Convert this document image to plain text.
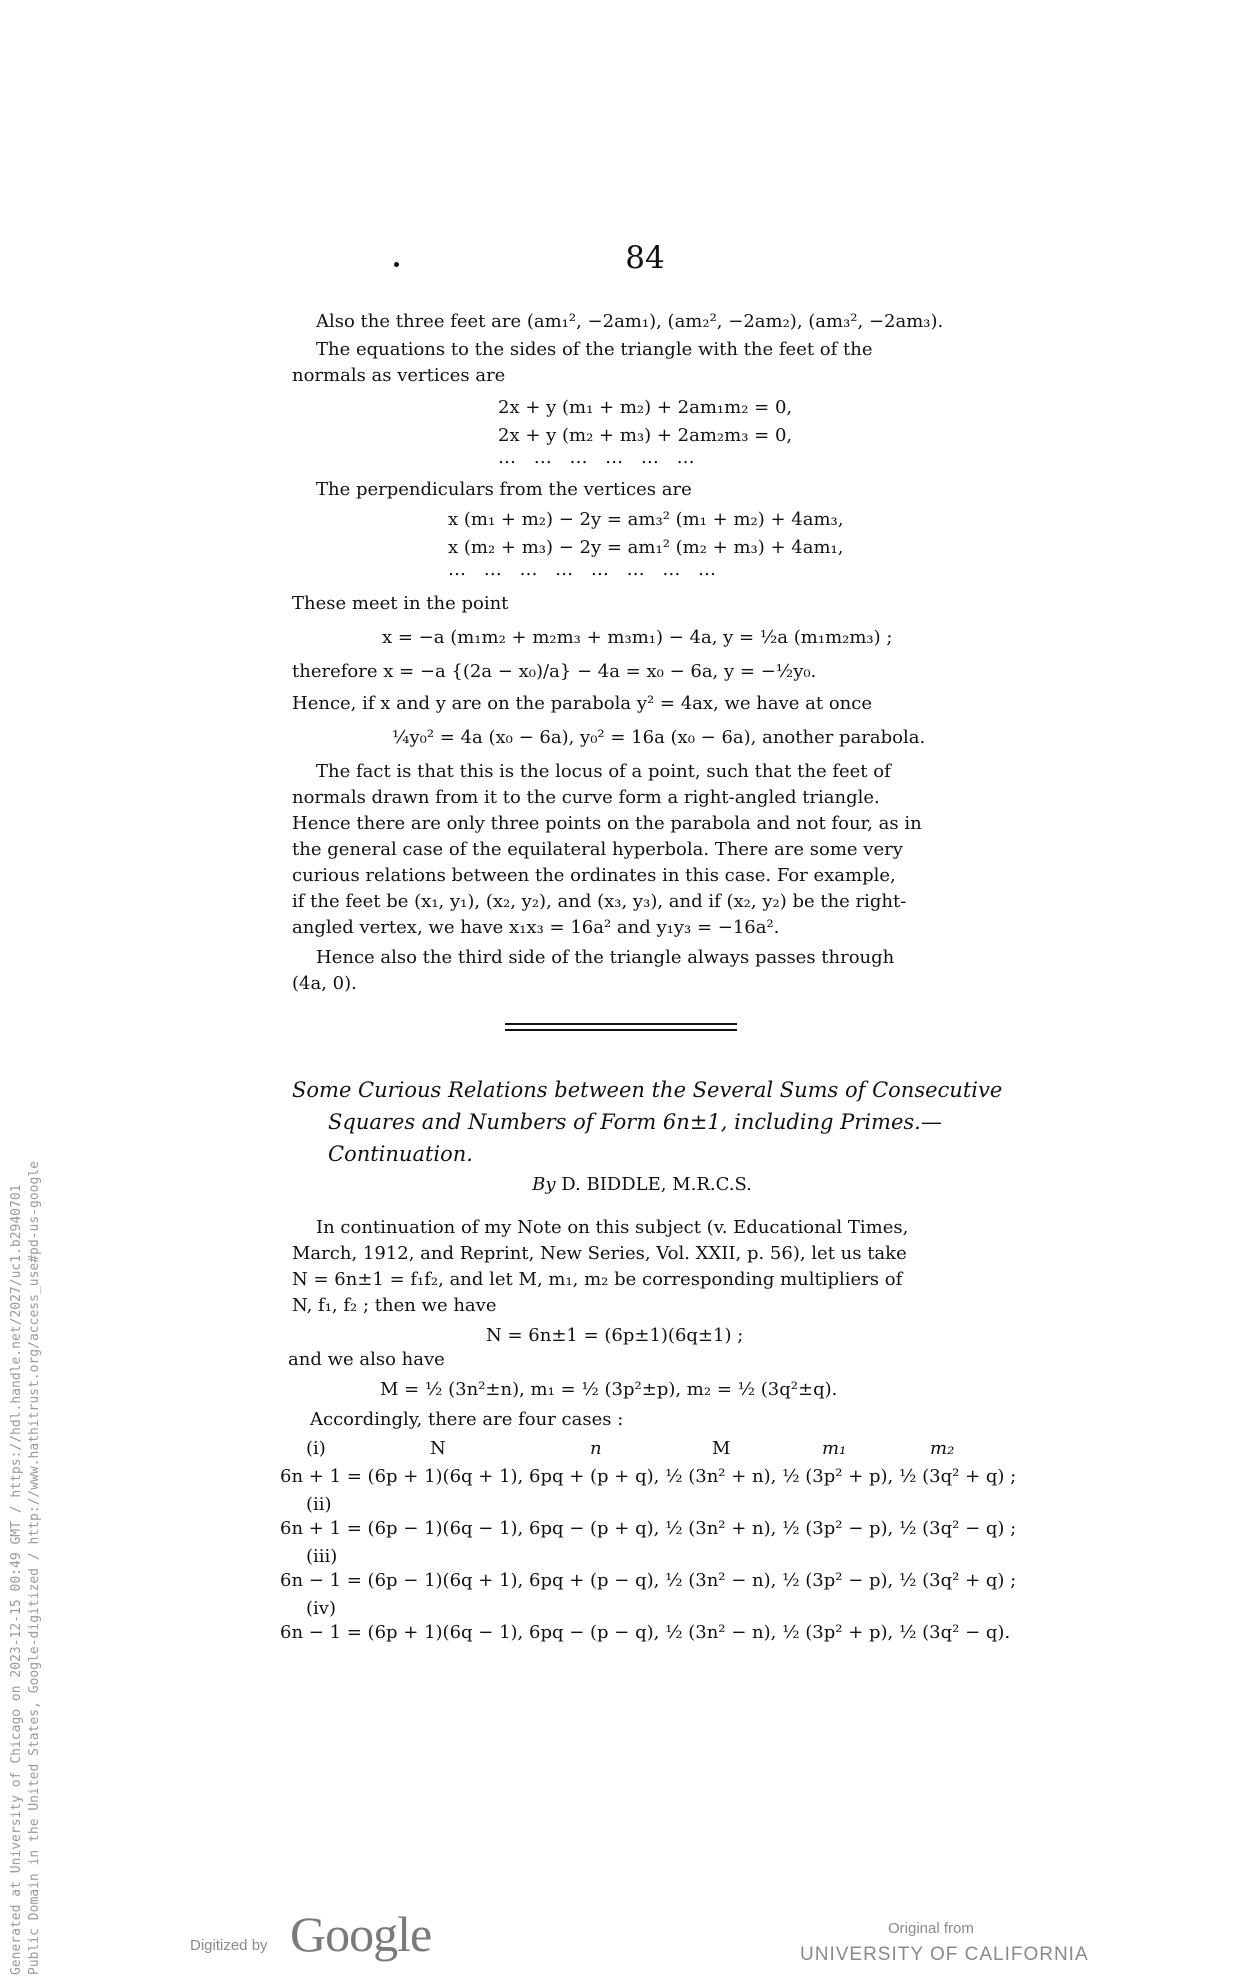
84
Also the three feet are (am₁², −2am₁), (am₂², −2am₂), (am₃², −2am₃).
The equations to the sides of the triangle with the feet of the
normals as vertices are
2x + y (m₁ + m₂) + 2am₁m₂ = 0,
2x + y (m₂ + m₃) + 2am₂m₃ = 0,
… … … … … …
The perpendiculars from the vertices are
x (m₁ + m₂) − 2y = am₃² (m₁ + m₂) + 4am₃,
x (m₂ + m₃) − 2y = am₁² (m₂ + m₃) + 4am₁,
… … … … … … … …
These meet in the point
x = −a (m₁m₂ + m₂m₃ + m₃m₁) − 4a, y = ½a (m₁m₂m₃) ;
therefore x = −a {(2a − x₀)/a} − 4a = x₀ − 6a, y = −½y₀.
Hence, if x and y are on the parabola y² = 4ax, we have at once
¼y₀² = 4a (x₀ − 6a), y₀² = 16a (x₀ − 6a), another parabola.
The fact is that this is the locus of a point, such that the feet of
normals drawn from it to the curve form a right-angled triangle.
Hence there are only three points on the parabola and not four, as in
the general case of the equilateral hyperbola. There are some very
curious relations between the ordinates in this case. For example,
if the feet be (x₁, y₁), (x₂, y₂), and (x₃, y₃), and if (x₂, y₂) be the right-
angled vertex, we have x₁x₃ = 16a² and y₁y₃ = −16a².
Hence also the third side of the triangle always passes through
(4a, 0).
Some Curious Relations between the Several Sums of Consecutive
Squares and Numbers of Form 6n±1, including Primes.—
Continuation.
By D. BIDDLE, M.R.C.S.
In continuation of my Note on this subject (v. Educational Times,
March, 1912, and Reprint, New Series, Vol. XXII, p. 56), let us take
N = 6n±1 = f₁f₂, and let M, m₁, m₂ be corresponding multipliers of
N, f₁, f₂ ; then we have
N = 6n±1 = (6p±1)(6q±1) ;
and we also have
M = ½ (3n²±n), m₁ = ½ (3p²±p), m₂ = ½ (3q²±q).
Accordingly, there are four cases :
(i)	N	n	M	m₁	m₂
6n + 1 = (6p + 1)(6q + 1), 6pq + (p + q), ½ (3n² + n), ½ (3p² + p), ½ (3q² + q) ;
(ii)
6n + 1 = (6p − 1)(6q − 1), 6pq − (p + q), ½ (3n² + n), ½ (3p² − p), ½ (3q² − q) ;
(iii)
6n − 1 = (6p − 1)(6q + 1), 6pq + (p − q), ½ (3n² − n), ½ (3p² − p), ½ (3q² + q) ;
(iv)
6n − 1 = (6p + 1)(6q − 1), 6pq − (p − q), ½ (3n² − n), ½ (3p² + p), ½ (3q² − q).
Generated at University of Chicago on 2023-12-15 00:49 GMT / https://hdl.handle.net/2027/uc1.b2940701 Public Domain in the United States, Google-digitized / http://www.hathitrust.org/access_use#pd-us-google	Digitized by Google	Original from
UNIVERSITY OF CALIFORNIA
